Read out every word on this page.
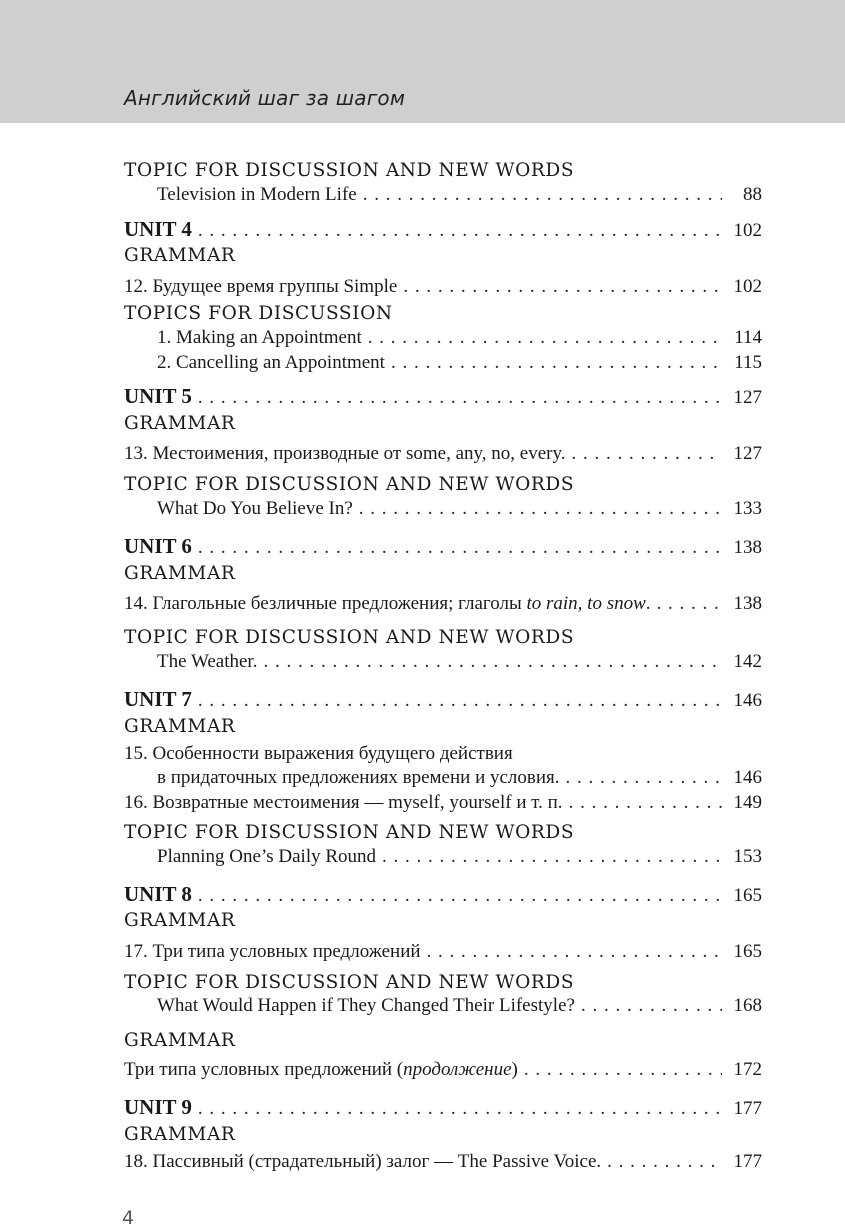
Английский шаг за шагом
TOPIC FOR DISCUSSION AND NEW WORDS
Television in Modern Life . . .	88
UNIT 4 . . .	102
GRAMMAR
12. Будущее время группы Simple . . .	102
TOPICS FOR DISCUSSION
1. Making an Appointment . . .	114
2. Cancelling an Appointment . . .	115
UNIT 5 . . .	127
GRAMMAR
13. Местоимения, производные от some, any, no, every. . . .	127
TOPIC FOR DISCUSSION AND NEW WORDS
What Do You Believe In? . . .	133
UNIT 6 . . .	138
GRAMMAR
14. Глагольные безличные предложения; глаголы to rain, to snow. . . .	138
TOPIC FOR DISCUSSION AND NEW WORDS
The Weather. . . .	142
UNIT 7 . . .	146
GRAMMAR
15. Особенности выражения будущего действия
в придаточных предложениях времени и условия. . . .	146
16. Возвратные местоимения — myself, yourself и т. п. . . .	149
TOPIC FOR DISCUSSION AND NEW WORDS
Planning One’s Daily Round . . .	153
UNIT 8 . . .	165
GRAMMAR
17. Три типа условных предложений . . .	165
TOPIC FOR DISCUSSION AND NEW WORDS
What Would Happen if They Changed Their Lifestyle? . . .	168
GRAMMAR
Три типа условных предложений (продолжение) . . .	172
UNIT 9 . . .	177
GRAMMAR
18. Пассивный (страдательный) залог — The Passive Voice. . . .	177
4
